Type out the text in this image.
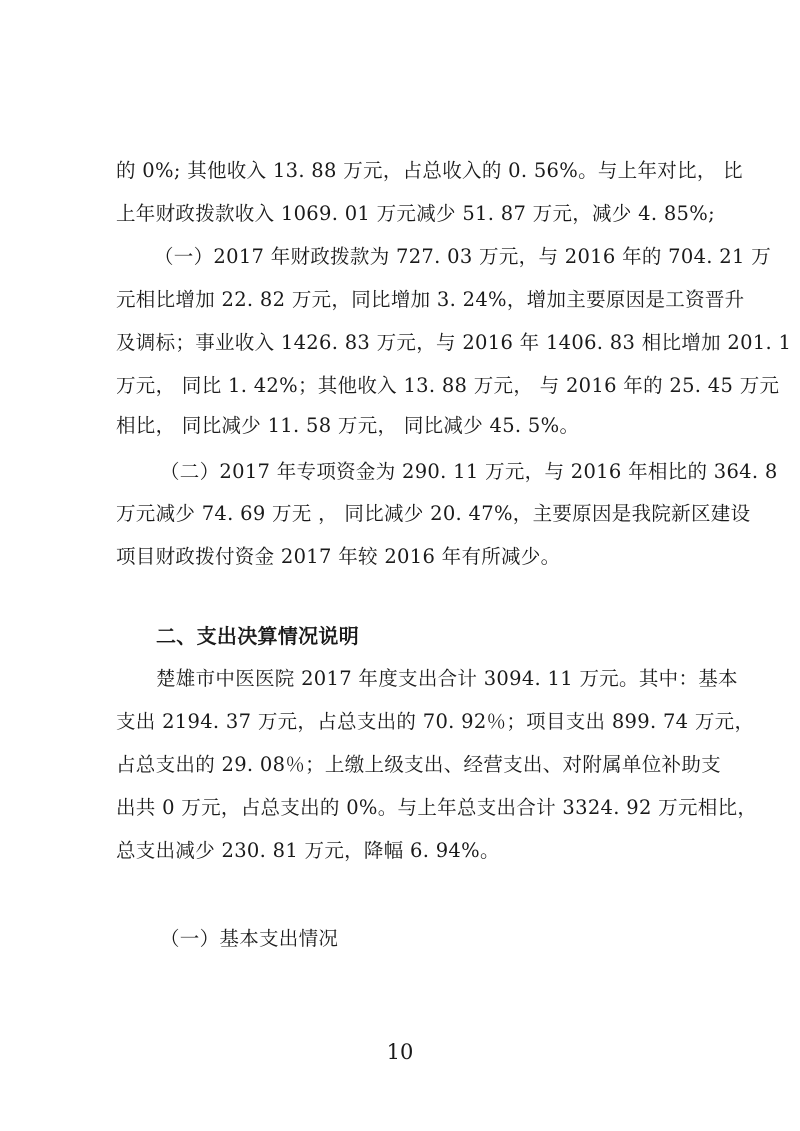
的 0%; 其他收入 13. 88 万元，占总收入的 0. 56%。与上年对比， 比
上年财政拨款收入 1069. 01 万元减少 51. 87 万元，减少 4. 85%;
（一）2017 年财政拨款为 727. 03 万元，与 2016 年的 704. 21 万
元相比增加 22. 82 万元，同比增加 3. 24%，增加主要原因是工资晋升
及调标；事业收入 1426. 83 万元，与 2016 年 1406. 83 相比增加 201. 1
万元， 同比 1. 42%；其他收入 13. 88 万元， 与 2016 年的 25. 45 万元
相比， 同比减少 11. 58 万元， 同比减少 45. 5%。
（二）2017 年专项资金为 290. 11 万元，与 2016 年相比的 364. 8
万元减少 74. 69 万无 ， 同比减少 20. 47%，主要原因是我院新区建设
项目财政拨付资金 2017 年较 2016 年有所减少。
二、支出决算情况说明
楚雄市中医医院 2017 年度支出合计 3094. 11 万元。其中：基本
支出 2194. 37 万元，占总支出的 70. 92％；项目支出 899. 74 万元，
占总支出的 29. 08％；上缴上级支出、经营支出、对附属单位补助支
出共 0 万元，占总支出的 0%。与上年总支出合计 3324. 92 万元相比，
总支出减少 230. 81 万元，降幅 6. 94%。
（一）基本支出情况
10
